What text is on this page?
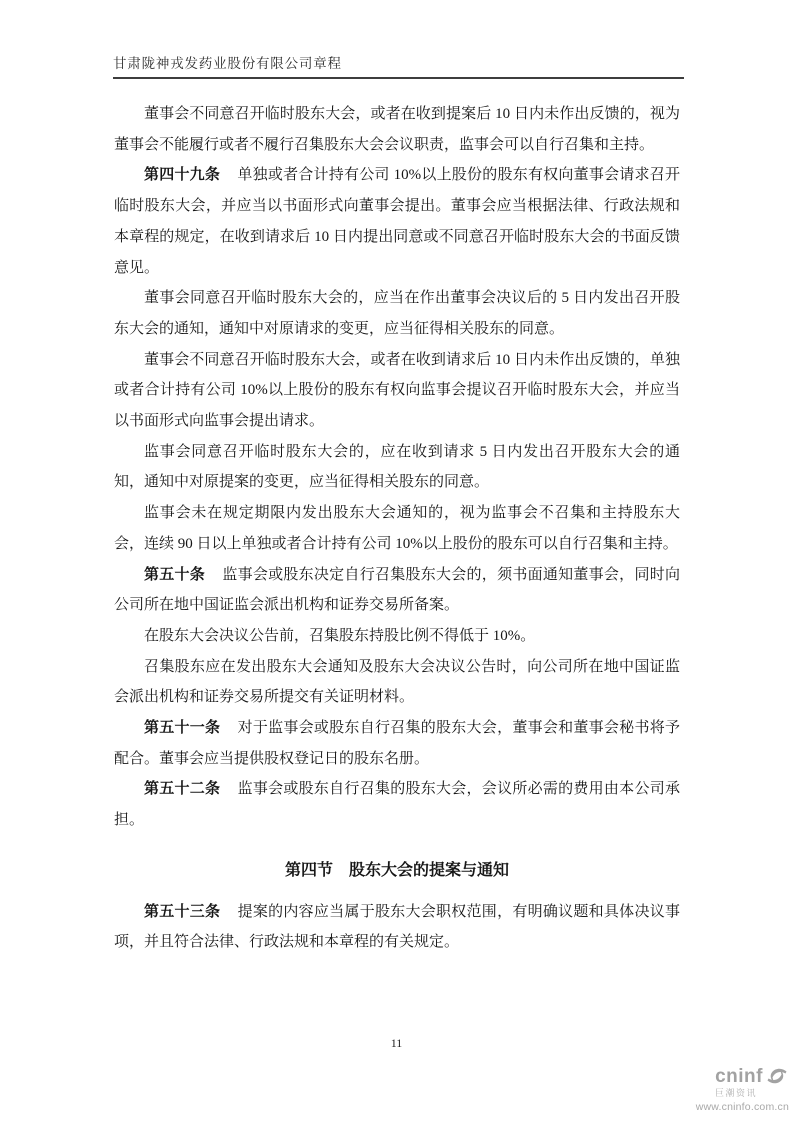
甘肃陇神戎发药业股份有限公司章程

董事会不同意召开临时股东大会，或者在收到提案后 10 日内未作出反馈的，视为董事会不能履行或者不履行召集股东大会会议职责，监事会可以自行召集和主持。

第四十九条 单独或者合计持有公司 10%以上股份的股东有权向董事会请求召开临时股东大会，并应当以书面形式向董事会提出。董事会应当根据法律、行政法规和本章程的规定，在收到请求后 10 日内提出同意或不同意召开临时股东大会的书面反馈意见。

董事会同意召开临时股东大会的，应当在作出董事会决议后的 5 日内发出召开股东大会的通知，通知中对原请求的变更，应当征得相关股东的同意。

董事会不同意召开临时股东大会，或者在收到请求后 10 日内未作出反馈的，单独或者合计持有公司 10%以上股份的股东有权向监事会提议召开临时股东大会，并应当以书面形式向监事会提出请求。

监事会同意召开临时股东大会的，应在收到请求 5 日内发出召开股东大会的通知，通知中对原提案的变更，应当征得相关股东的同意。

监事会未在规定期限内发出股东大会通知的，视为监事会不召集和主持股东大会，连续 90 日以上单独或者合计持有公司 10%以上股份的股东可以自行召集和主持。

第五十条 监事会或股东决定自行召集股东大会的，须书面通知董事会，同时向公司所在地中国证监会派出机构和证券交易所备案。

在股东大会决议公告前，召集股东持股比例不得低于 10%。

召集股东应在发出股东大会通知及股东大会决议公告时，向公司所在地中国证监会派出机构和证券交易所提交有关证明材料。

第五十一条 对于监事会或股东自行召集的股东大会，董事会和董事会秘书将予配合。董事会应当提供股权登记日的股东名册。

第五十二条 监事会或股东自行召集的股东大会，会议所必需的费用由本公司承担。

第四节 股东大会的提案与通知

第五十三条 提案的内容应当属于股东大会职权范围，有明确议题和具体决议事项，并且符合法律、行政法规和本章程的有关规定。

11
cninf
巨潮资讯
www.cninfo.com.cn
